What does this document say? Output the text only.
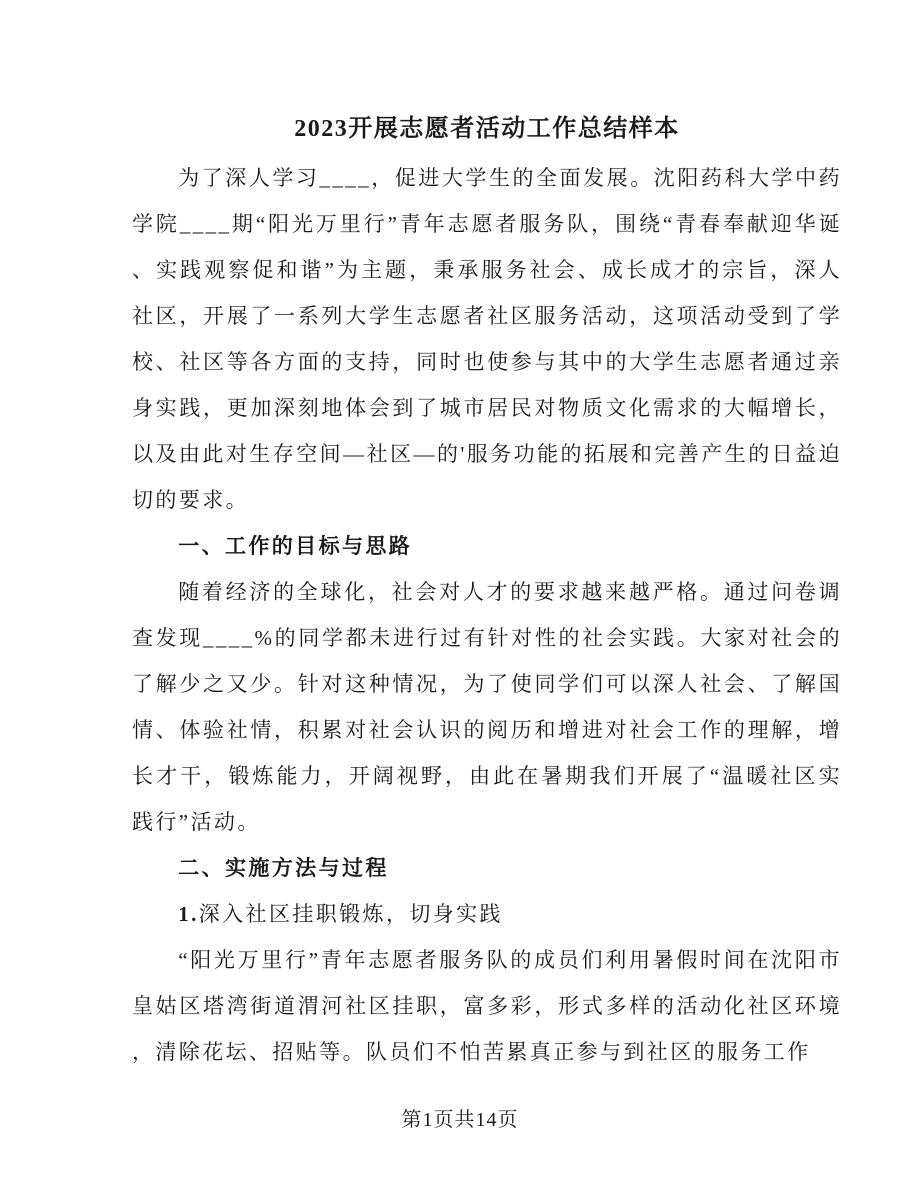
2023开展志愿者活动工作总结样本

为了深人学习____，促进大学生的全面发展。沈阳药科大学中药学院____期“阳光万里行”青年志愿者服务队，围绕“青春奉献迎华诞、实践观察促和谐”为主题，秉承服务社会、成长成才的宗旨，深人社区，开展了一系列大学生志愿者社区服务活动，这项活动受到了学校、社区等各方面的支持，同时也使参与其中的大学生志愿者通过亲身实践，更加深刻地体会到了城市居民对物质文化需求的大幅增长，以及由此对生存空间—社区—的'服务功能的拓展和完善产生的日益迫切的要求。

一、工作的目标与思路

随着经济的全球化，社会对人才的要求越来越严格。通过问卷调查发现____%的同学都未进行过有针对性的社会实践。大家对社会的了解少之又少。针对这种情况，为了使同学们可以深人社会、了解国情、体验社情，积累对社会认识的阅历和增进对社会工作的理解，增长才干，锻炼能力，开阔视野，由此在暑期我们开展了“温暖社区实践行”活动。

二、实施方法与过程

1.深入社区挂职锻炼，切身实践

“阳光万里行”青年志愿者服务队的成员们利用暑假时间在沈阳市皇姑区塔湾街道渭河社区挂职，富多彩，形式多样的活动化社区环境，清除花坛、招贴等。队员们不怕苦累真正参与到社区的服务工作

第1页共14页
